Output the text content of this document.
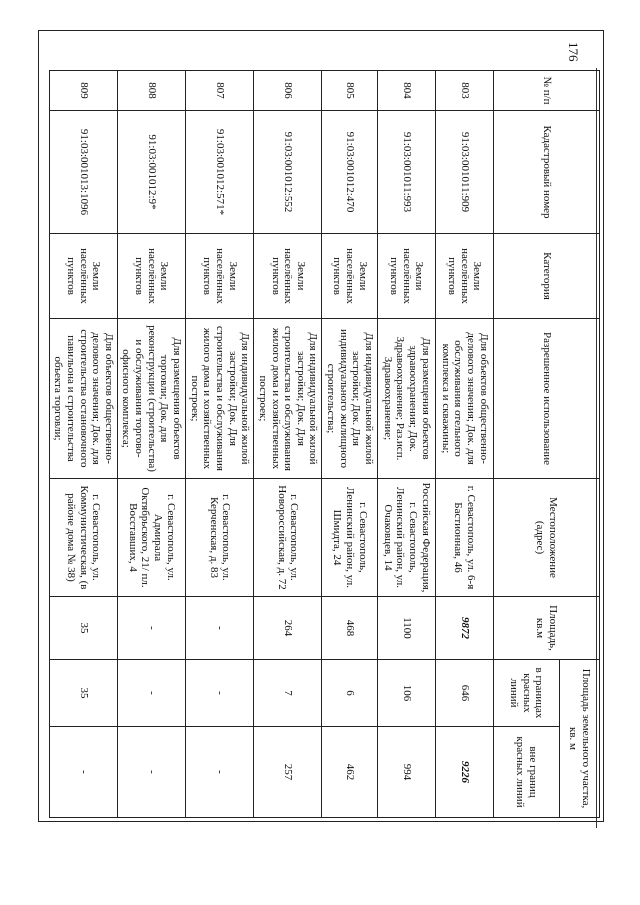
176
№ п/п	Кадастровый номер	Категория	Разрешенное использование	Местоположение (адрес)	Площадь, кв.м	Площадь земельного участка, кв. м	
						в границах красных линий	вне границ красных линий
803	91:03:001011:909	Земли населённых пунктов	Для объектов общественно-делового значения; Док. для обслуживания отельного комплекса и скважины;	г. Севастополь, ул. 6-я Бастионная, 46	9872	646	9226
804	91:03:001011:993	Земли населённых пунктов	Для размещения объектов здравоохранения; Док. Здравоохранение; Раз.исп. Здравоохранение;	Российская Федерация, г. Севастополь, Ленинский район, ул. Очаковцев, 14	1100	106	994
805	91:03:001012:470	Земли населённых пунктов	Для индивидуальной жилой застройки; Док. Для индивидуального жилищного строительства;	г. Севастополь, Ленинский район, ул. Шмидта, 24	468	6	462
806	91:03:001012:552	Земли населённых пунктов	Для индивидуальной жилой застройки; Док. Для строительства и обслуживания жилого дома и хозяйственных построек;	г. Севастополь, ул. Новороссийская, д. 72	264	7	257
807	91:03:001012:571*	Земли населённых пунктов	Для индивидуальной жилой застройки; Док. Для строительства и обслуживания жилого дома и хозяйственных построек;	г. Севастополь, ул. Керченская, д. 83	-	-	-
808	91:03:001012:9*	Земли населённых пунктов	Для размещения объектов торговли; Док. для реконструкции (строительства) и обслуживания торгово-офисного комплекса;	г. Севастополь, ул. Адмирала Октябрьского, 21/ пл. Восставших, 4	-	-	-
809	91:03:001013:1096	Земли населённых пунктов	Для объектов общественно-делового значения; Док. для строительства остановочного павильона и строительства объекта торговли;	г. Севастополь, ул. Коммунистическая, (в районе дома № 38)	35	35	-
